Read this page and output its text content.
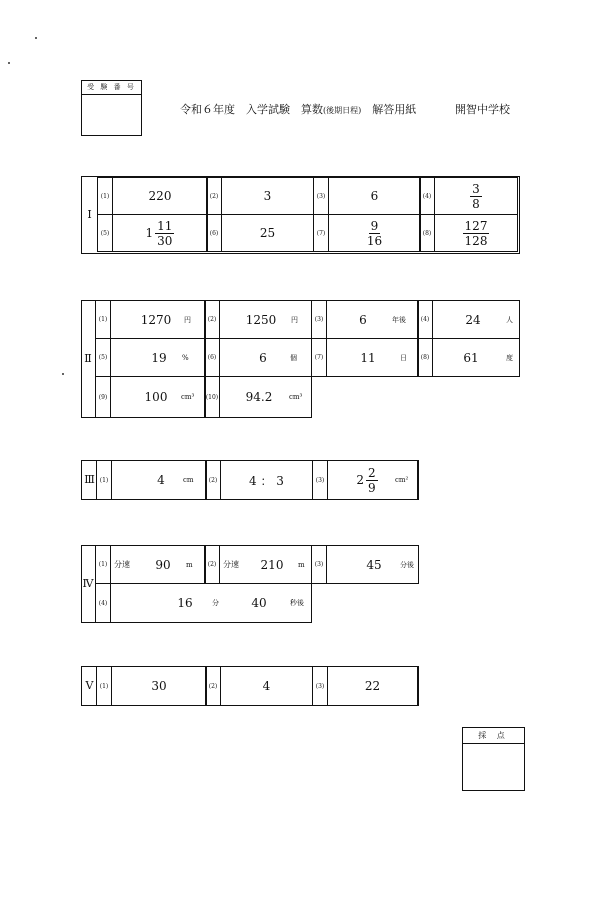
受 験 番 号
令和６年度　入学試験　算数(後期日程)　 解答用紙	開智中学校
Ⅰ
(1)	220	(2)	3	(3)	6	(4)	$\frac{3}{8}$
(5)	$1 \frac{11}{30}$	(6)	25	(7)	$\frac{9}{16}$	(8)	$\frac{127}{128}$
Ⅱ
(1)	1270	円	(2)	1250	円	(3)	6	年後	(4)	24	人
(5)	19	%	(6)	6	個	(7)	11	日	(8)	61	度
(9)	100	cm³ (10)	94.2	cm³
Ⅲ (1)	4	cm	(2)	4 ： 3	(3)	$2 \frac{2}{9} cm^2$
Ⅳ
(1) 分速	90	m	(2) 分速 210	m	(3)	45	分後
(4)	16	分	40	秒後
Ⅴ	(1)	30	(2)	4	(3)	22
採 点
